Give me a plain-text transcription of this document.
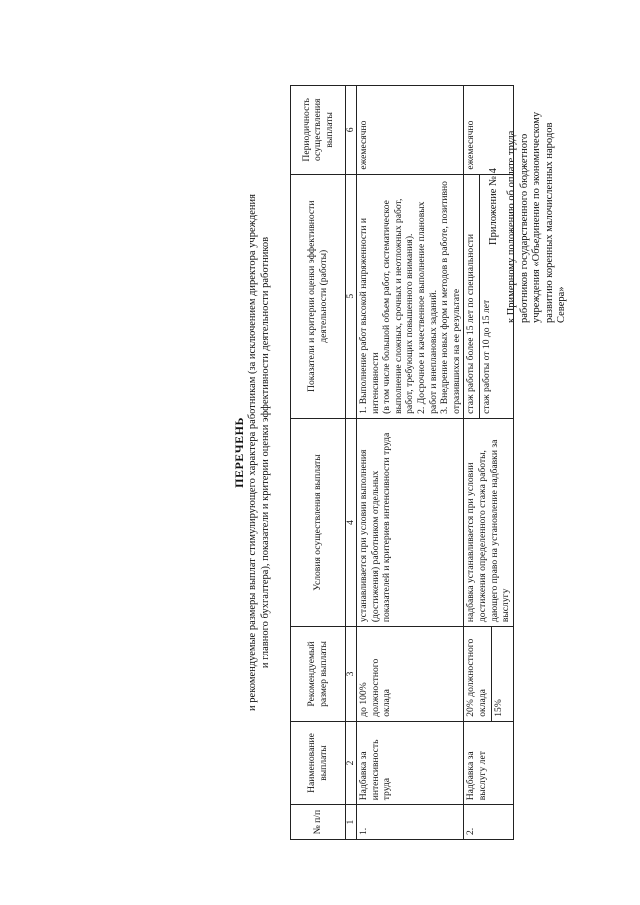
Приложение № 4 к Примерному положению об оплате труда работников государственного бюджетного учреждения «Объединение по экономическому развитию коренных малочисленных народов Севера»
ПЕРЕЧЕНЬ и рекомендуемые размеры выплат стимулирующего характера работникам (за исключением директора учреждения и главного бухгалтера), показатели и критерии оценки эффективности деятельности работников
№ п/п	Наименование выплаты	Рекомендуемый размер выплаты	Условия осуществления выплаты	Показатели и критерии оценки эффективности деятельности (работы)	Периодичность осуществления выплаты
1	2	3	4	5	6
1.	Надбавка за интенсивность труда	до 100% должностного оклада	устанавливается при условии выполнения (достижения) работником отдельных показателей и критериев интенсивности труда	1. Выполнение работ высокой напряженности и интенсивности (в том числе большой объем работ, систематическое выполнение сложных, срочных и неотложных работ, работ, требующих повышенного внимания). 2. Досрочное и качественное выполнение плановых работ и внеплановых заданий. 3. Внедрение новых форм и методов в работе, позитивно отразившихся на ее результате	ежемесячно
2.	Надбавка за выслугу лет	20% должностного оклада 15%	надбавка устанавливается при условии достижения определенного стажа работы, дающего право на установление надбавки за выслугу	стаж работы более 15 лет по специальности стаж работы от 10 до 15 лет	ежемесячно
